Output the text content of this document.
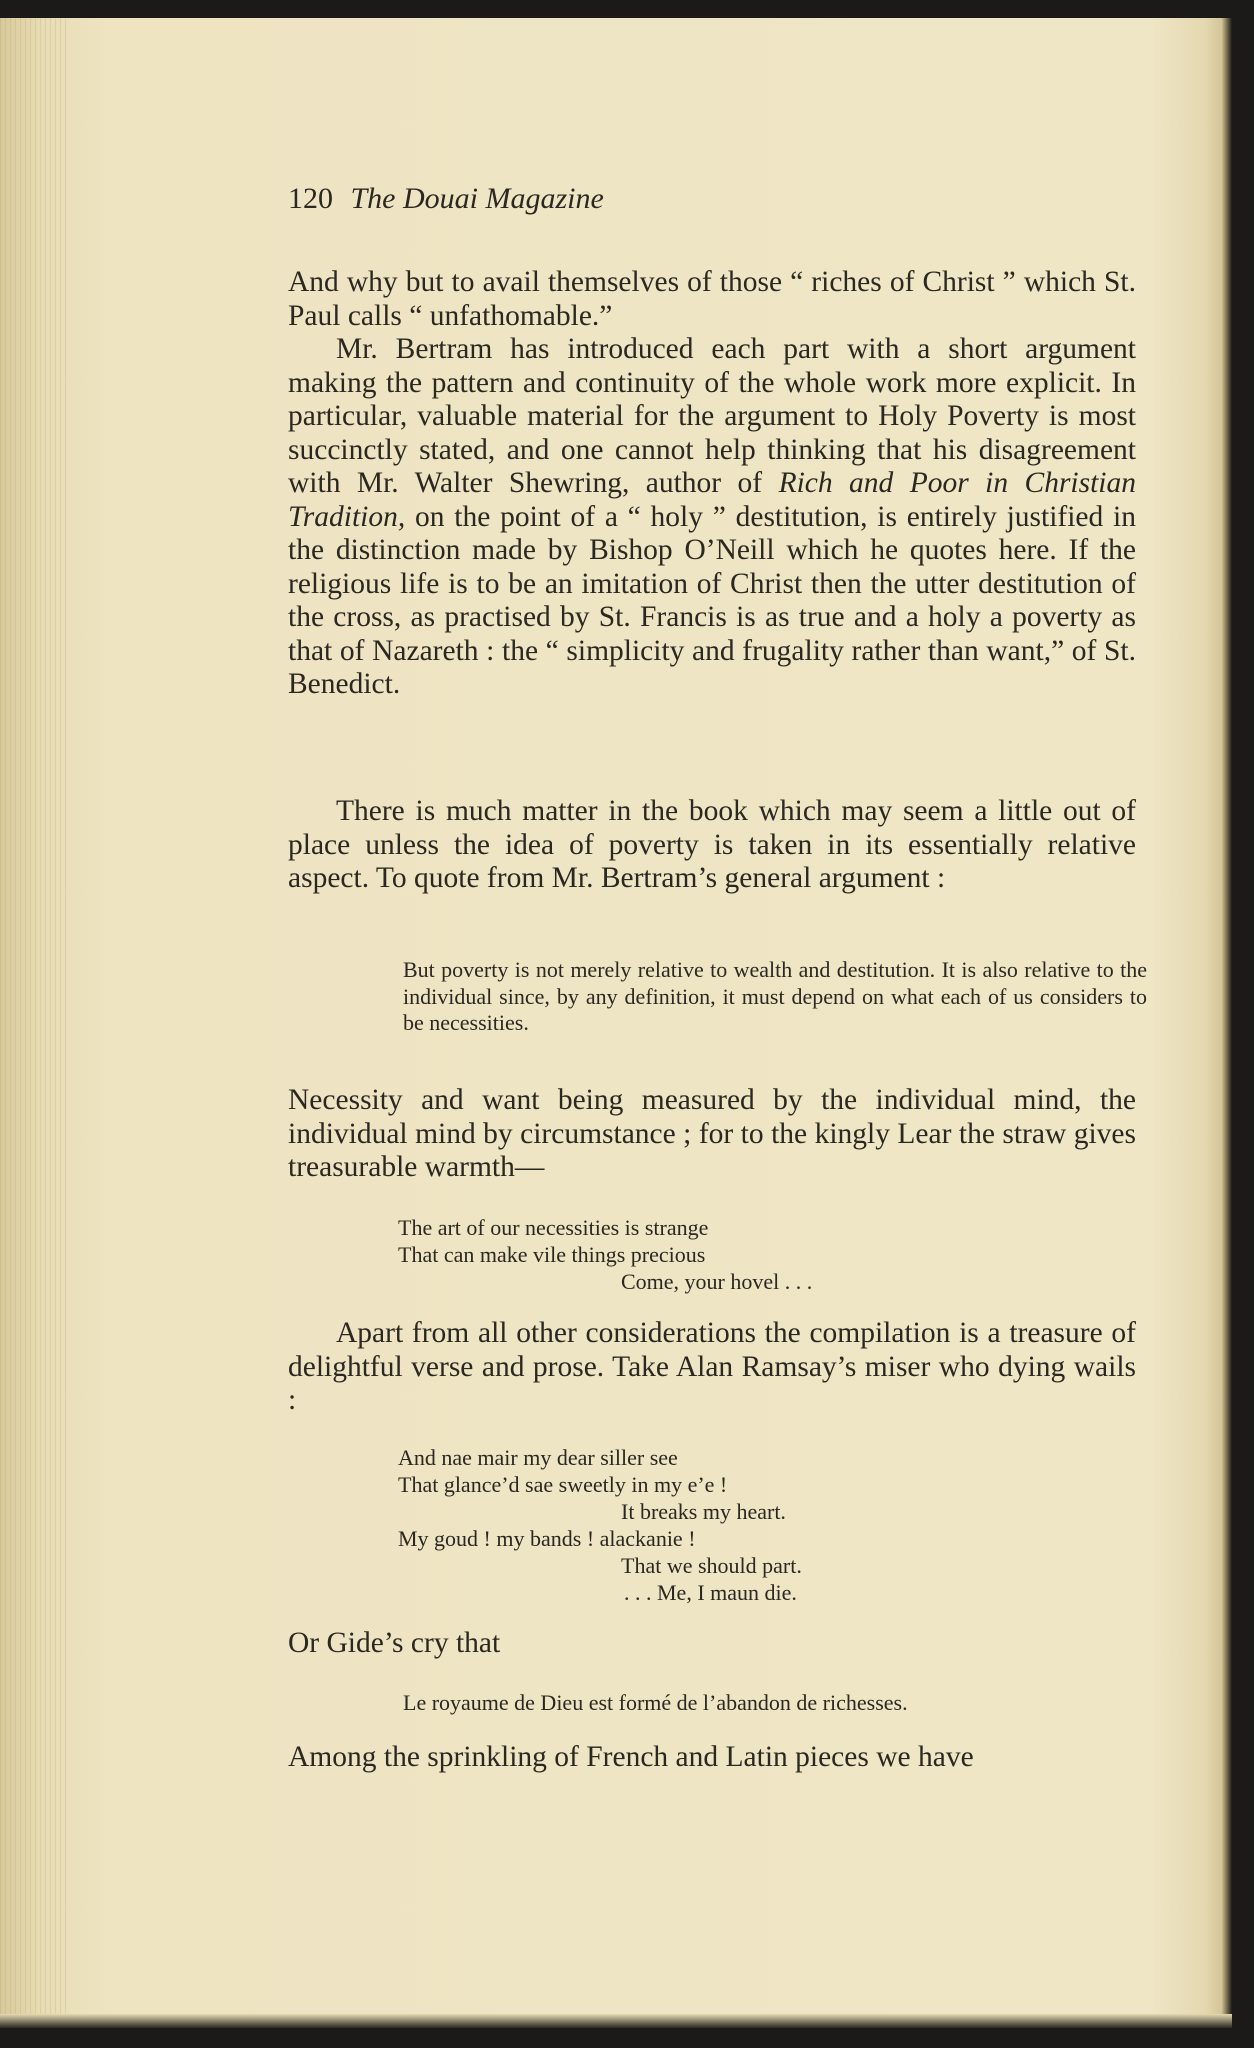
120 The Douai Magazine

And why but to avail themselves of those “ riches of Christ ” which St. Paul calls “ unfathomable.”

Mr. Bertram has introduced each part with a short argument making the pattern and continuity of the whole work more explicit. In particular, valuable material for the argument to Holy Poverty is most succinctly stated, and one cannot help thinking that his disagreement with Mr. Walter Shewring, author of Rich and Poor in Christian Tradition, on the point of a “ holy ” destitution, is entirely justified in the distinction made by Bishop O’Neill which he quotes here. If the religious life is to be an imitation of Christ then the utter destitution of the cross, as practised by St. Francis is as true and a holy a poverty as that of Nazareth : the “ simplicity and frugality rather than want,” of St. Benedict.

There is much matter in the book which may seem a little out of place unless the idea of poverty is taken in its essentially relative aspect. To quote from Mr. Bertram’s general argument :

But poverty is not merely relative to wealth and destitution. It is also relative to the individual since, by any definition, it must depend on what each of us considers to be necessities.

Necessity and want being measured by the individual mind, the individual mind by circumstance ; for to the kingly Lear the straw gives treasurable warmth—

The art of our necessities is strange
That can make vile things precious
Come, your hovel . . .

Apart from all other considerations the compilation is a treasure of delightful verse and prose. Take Alan Ramsay’s miser who dying wails :

And nae mair my dear siller see
That glance’d sae sweetly in my e’e !
It breaks my heart.
My goud ! my bands ! alackanie !
That we should part.
. . . Me, I maun die.

Or Gide’s cry that

Le royaume de Dieu est formé de l’abandon de richesses.

Among the sprinkling of French and Latin pieces we have
